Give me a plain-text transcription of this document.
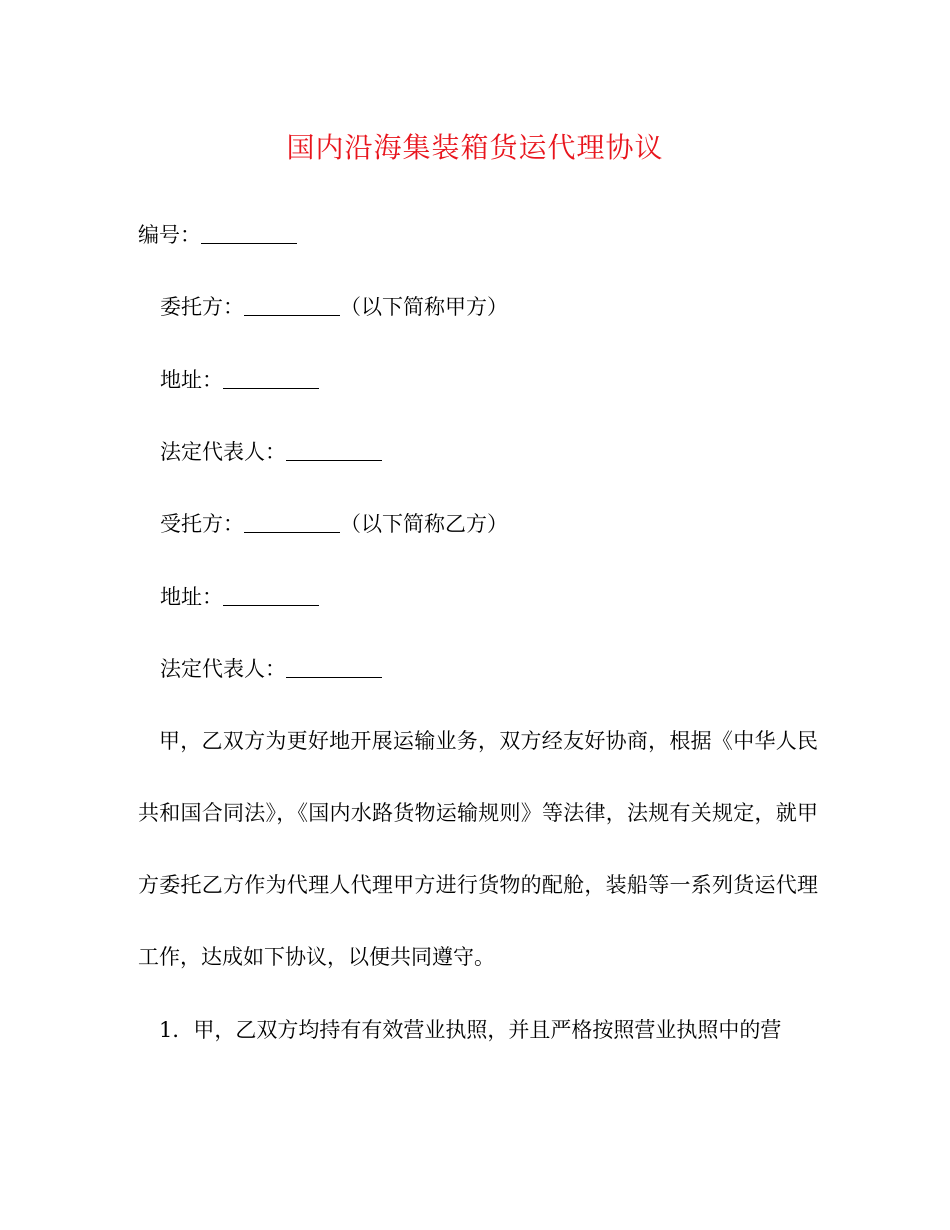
国内沿海集装箱货运代理协议
编号：
委托方：	（以下简称甲方）
地址：
法定代表人：
受托方：	（以下简称乙方）
地址：
法定代表人：
甲，乙双方为更好地开展运输业务，双方经友好协商，根据《中华人民共和国合同法》，《国内水路货物运输规则》等法律，法规有关规定，就甲方委托乙方作为代理人代理甲方进行货物的配舱，装船等一系列货运代理工作，达成如下协议，以便共同遵守。
1．甲，乙双方均持有有效营业执照，并且严格按照营业执照中的营
